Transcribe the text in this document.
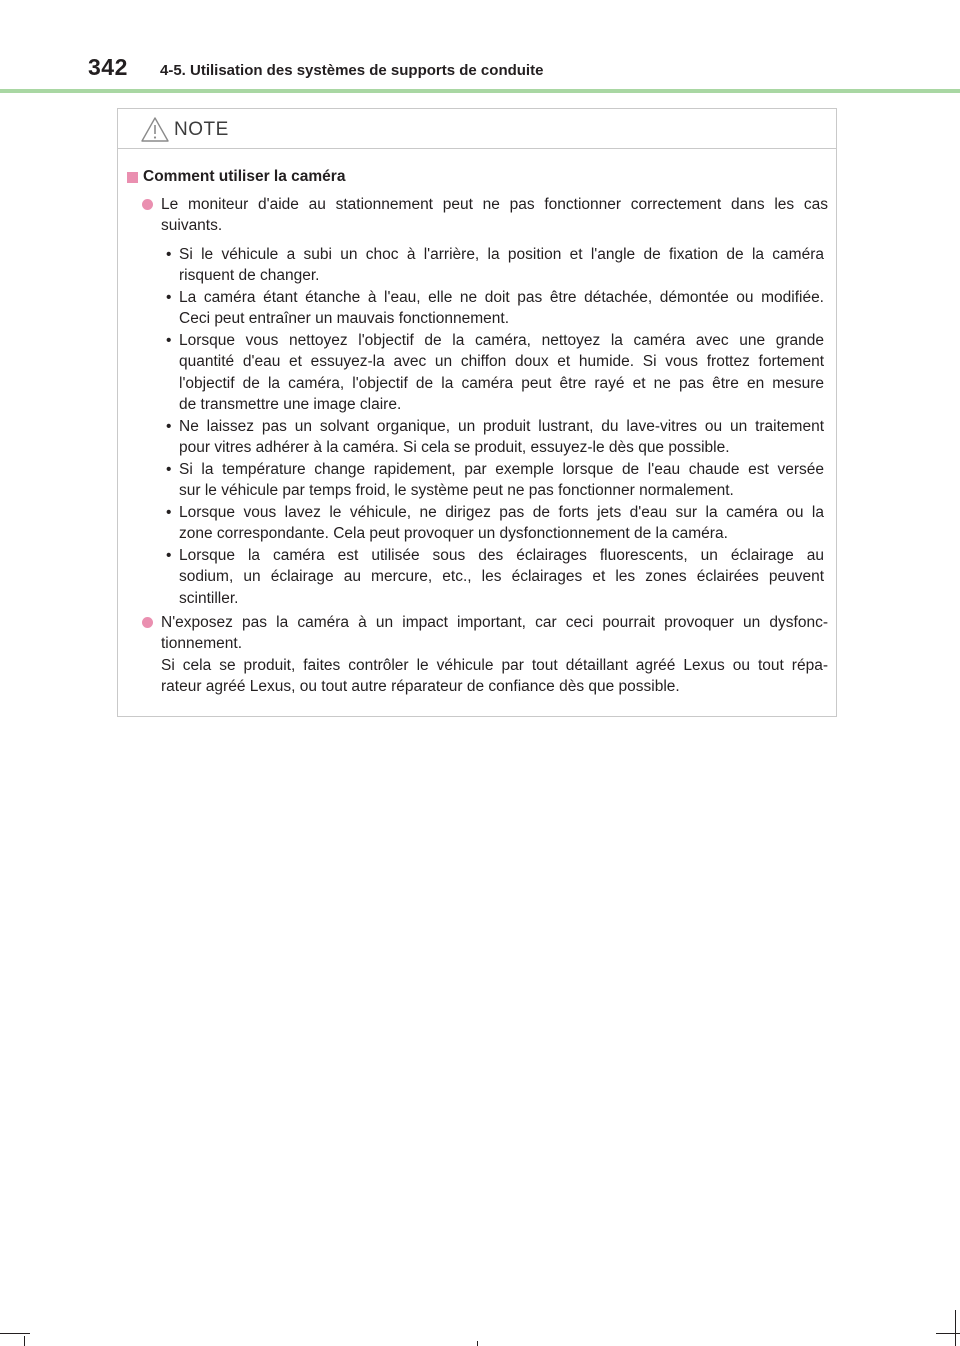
342 4-5. Utilisation des systèmes de supports de conduite
NOTE
Comment utiliser la caméra
Le moniteur d'aide au stationnement peut ne pas fonctionner correctement dans les cas
suivants.
• Si le véhicule a subi un choc à l'arrière, la position et l'angle de fixation de la caméra
risquent de changer.
• La caméra étant étanche à l'eau, elle ne doit pas être détachée, démontée ou modifiée.
Ceci peut entraîner un mauvais fonctionnement.
• Lorsque vous nettoyez l'objectif de la caméra, nettoyez la caméra avec une grande
quantité d'eau et essuyez-la avec un chiffon doux et humide. Si vous frottez fortement
l'objectif de la caméra, l'objectif de la caméra peut être rayé et ne pas être en mesure
de transmettre une image claire.
• Ne laissez pas un solvant organique, un produit lustrant, du lave-vitres ou un traitement
pour vitres adhérer à la caméra. Si cela se produit, essuyez-le dès que possible.
• Si la température change rapidement, par exemple lorsque de l'eau chaude est versée
sur le véhicule par temps froid, le système peut ne pas fonctionner normalement.
• Lorsque vous lavez le véhicule, ne dirigez pas de forts jets d'eau sur la caméra ou la
zone correspondante. Cela peut provoquer un dysfonctionnement de la caméra.
• Lorsque la caméra est utilisée sous des éclairages fluorescents, un éclairage au
sodium, un éclairage au mercure, etc., les éclairages et les zones éclairées peuvent
scintiller.
N'exposez pas la caméra à un impact important, car ceci pourrait provoquer un dysfonc-
tionnement.
Si cela se produit, faites contrôler le véhicule par tout détaillant agréé Lexus ou tout répa-
rateur agréé Lexus, ou tout autre réparateur de confiance dès que possible.
